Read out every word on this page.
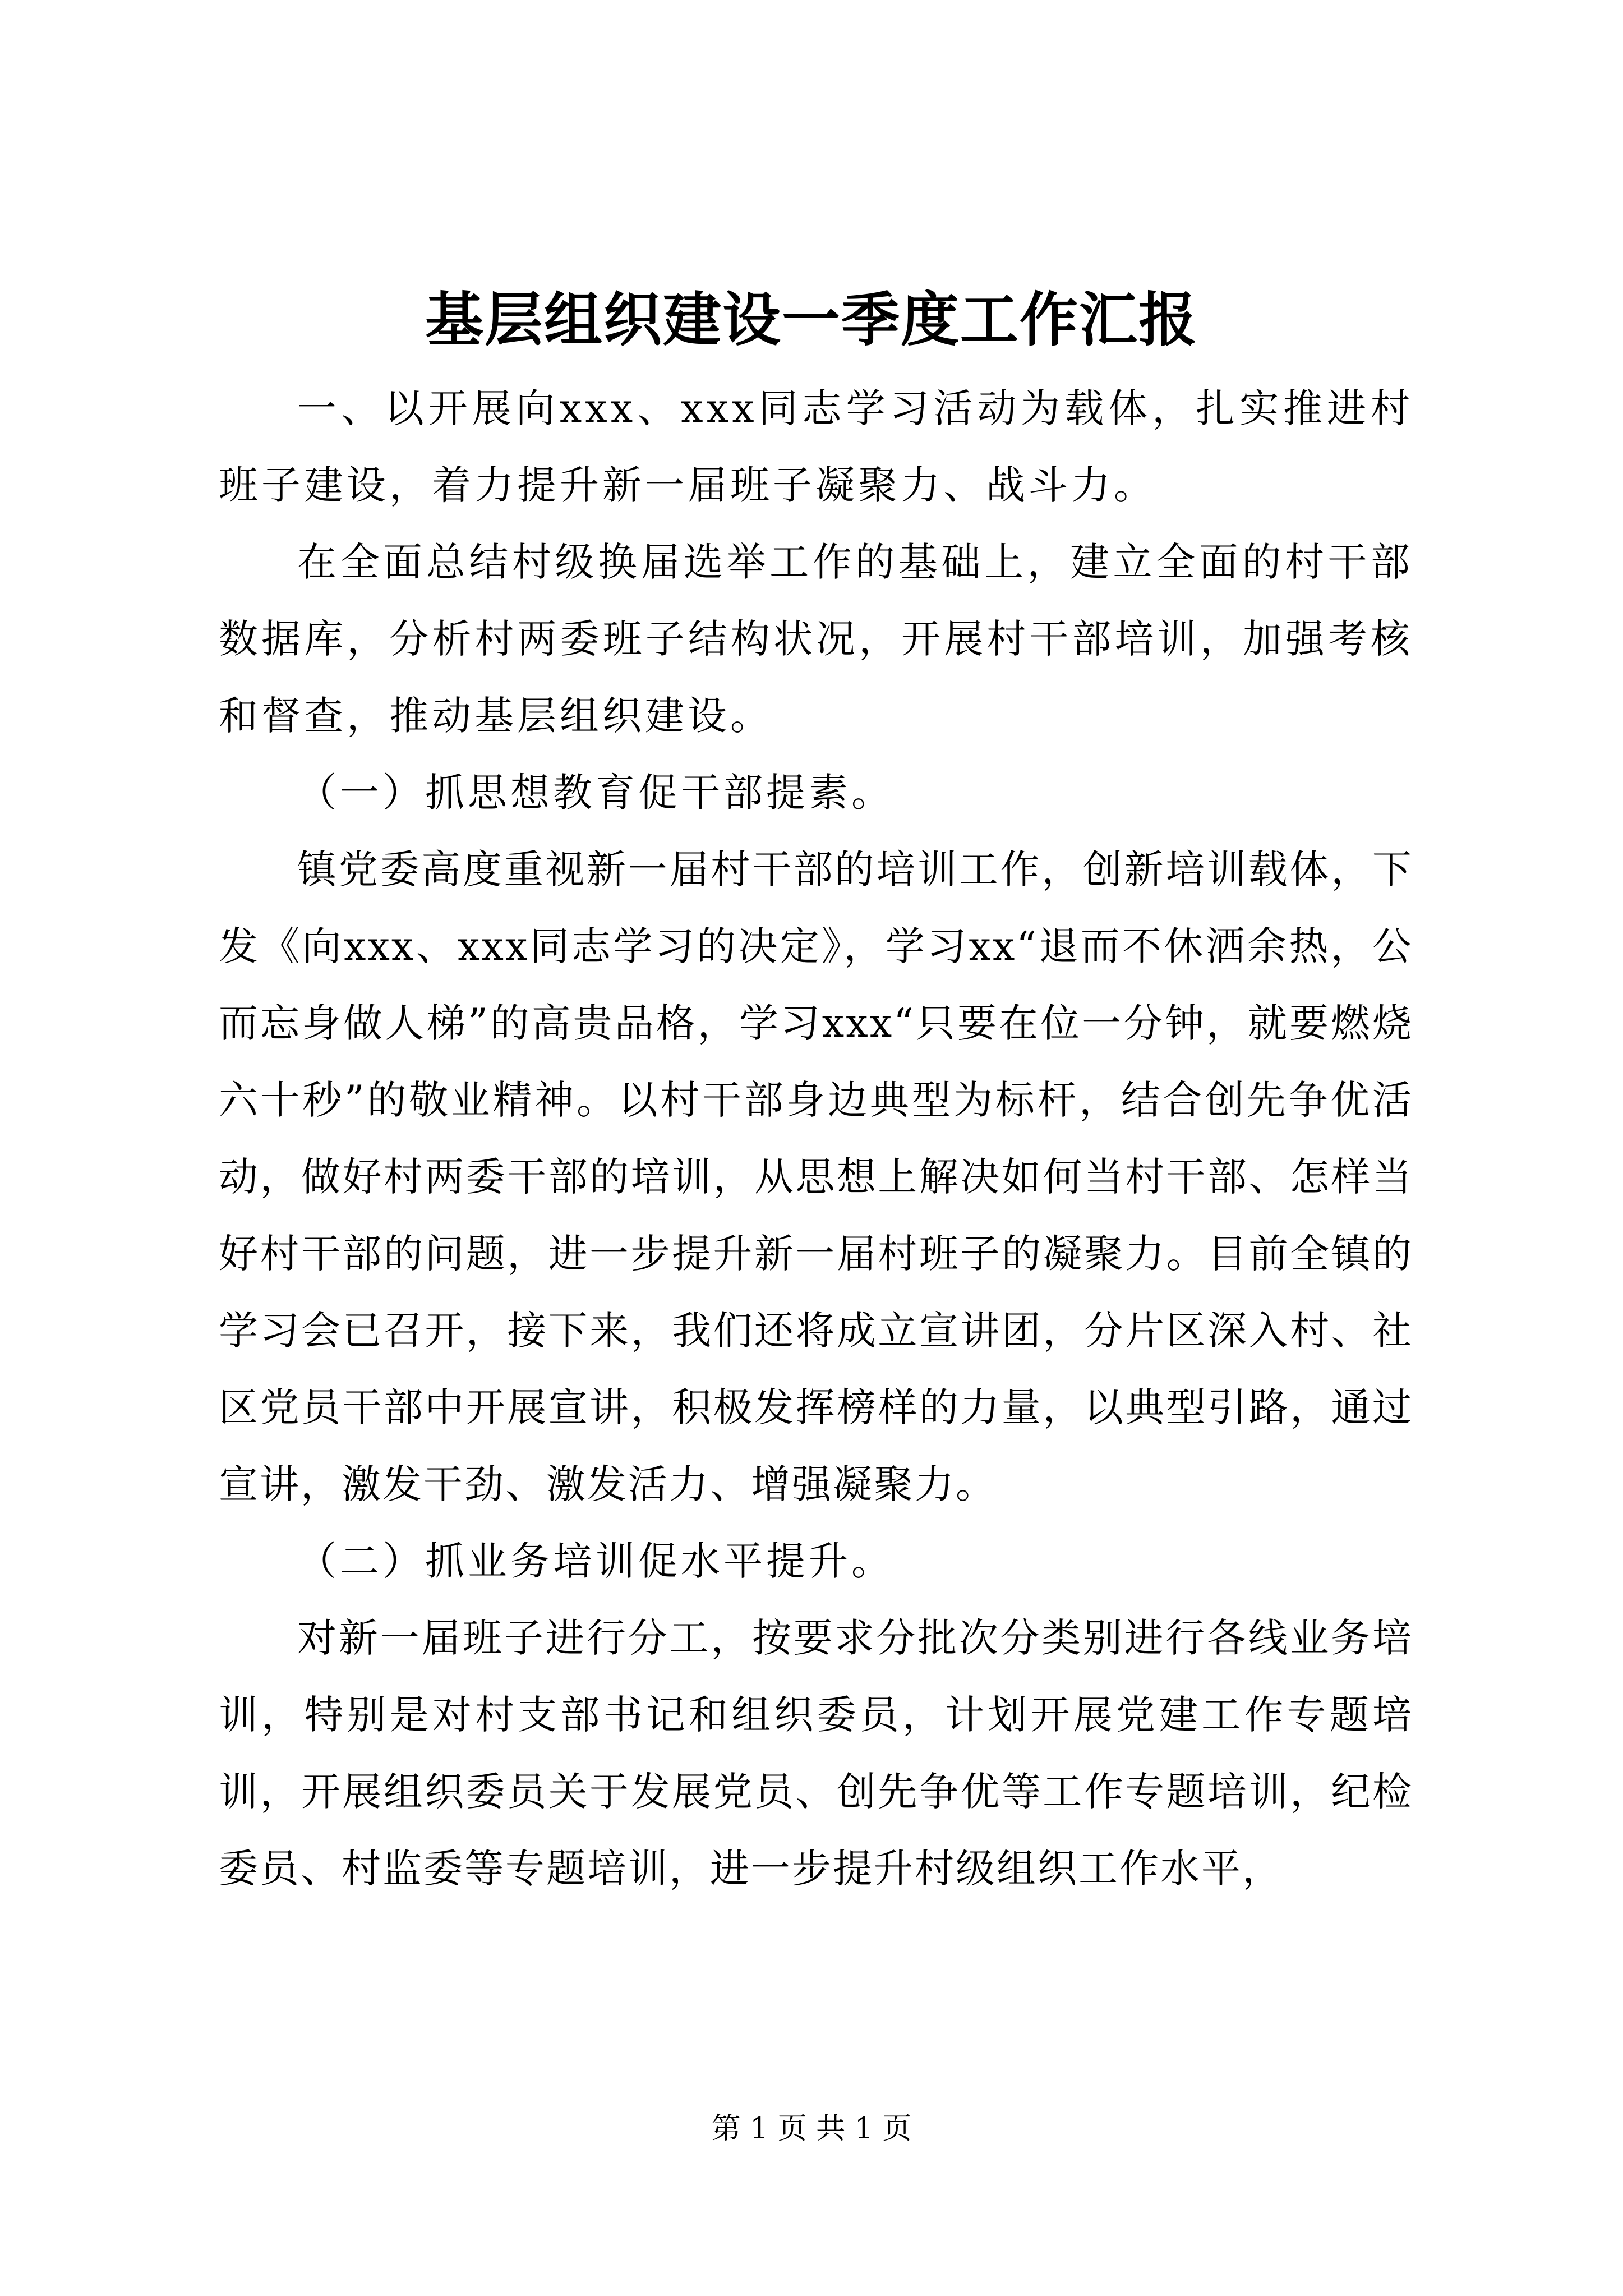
基层组织建设一季度工作汇报

一、以开展向xxx、xxx同志学习活动为载体，扎实推进村班子建设，着力提升新一届班子凝聚力、战斗力。

在全面总结村级换届选举工作的基础上，建立全面的村干部数据库，分析村两委班子结构状况，开展村干部培训，加强考核和督查，推动基层组织建设。

（一）抓思想教育促干部提素。

镇党委高度重视新一届村干部的培训工作，创新培训载体，下发《向xxx、xxx同志学习的决定》，学习xx“退而不休洒余热，公而忘身做人梯”的高贵品格，学习xxx“只要在位一分钟，就要燃烧六十秒”的敬业精神。以村干部身边典型为标杆，结合创先争优活动，做好村两委干部的培训，从思想上解决如何当村干部、怎样当好村干部的问题，进一步提升新一届村班子的凝聚力。目前全镇的学习会已召开，接下来，我们还将成立宣讲团，分片区深入村、社区党员干部中开展宣讲，积极发挥榜样的力量，以典型引路，通过宣讲，激发干劲、激发活力、增强凝聚力。

（二）抓业务培训促水平提升。

对新一届班子进行分工，按要求分批次分类别进行各线业务培训，特别是对村支部书记和组织委员，计划开展党建工作专题培训，开展组织委员关于发展党员、创先争优等工作专题培训，纪检委员、村监委等专题培训，进一步提升村级组织工作水平，

第 1 页 共 1 页
